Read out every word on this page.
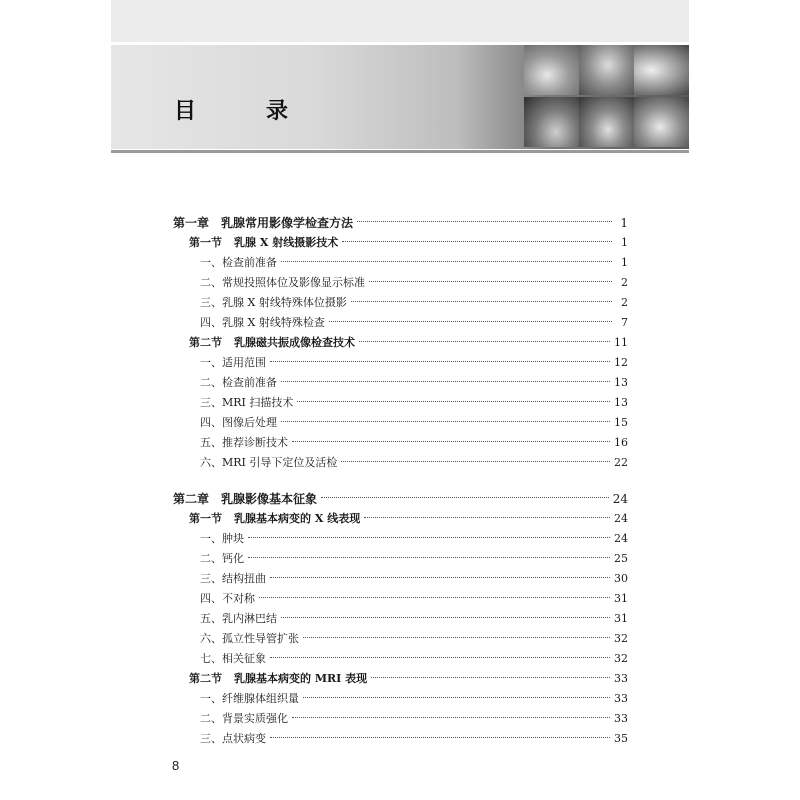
目　录
第一章 乳腺常用影像学检查方法	1
第一节 乳腺 X 射线摄影技术	1
一、检查前准备	1
二、常规投照体位及影像显示标准	2
三、乳腺 X 射线特殊体位摄影	2
四、乳腺 X 射线特殊检查	7
第二节 乳腺磁共振成像检查技术	11
一、适用范围	12
二、检查前准备	13
三、MRI 扫描技术	13
四、图像后处理	15
五、推荐诊断技术	16
六、MRI 引导下定位及活检	22
第二章 乳腺影像基本征象	24
第一节 乳腺基本病变的 X 线表现	24
一、肿块	24
二、钙化	25
三、结构扭曲	30
四、不对称	31
五、乳内淋巴结	31
六、孤立性导管扩张	32
七、相关征象	32
第二节 乳腺基本病变的 MRI 表现	33
一、纤维腺体组织量	33
二、背景实质强化	33
三、点状病变	35
8
